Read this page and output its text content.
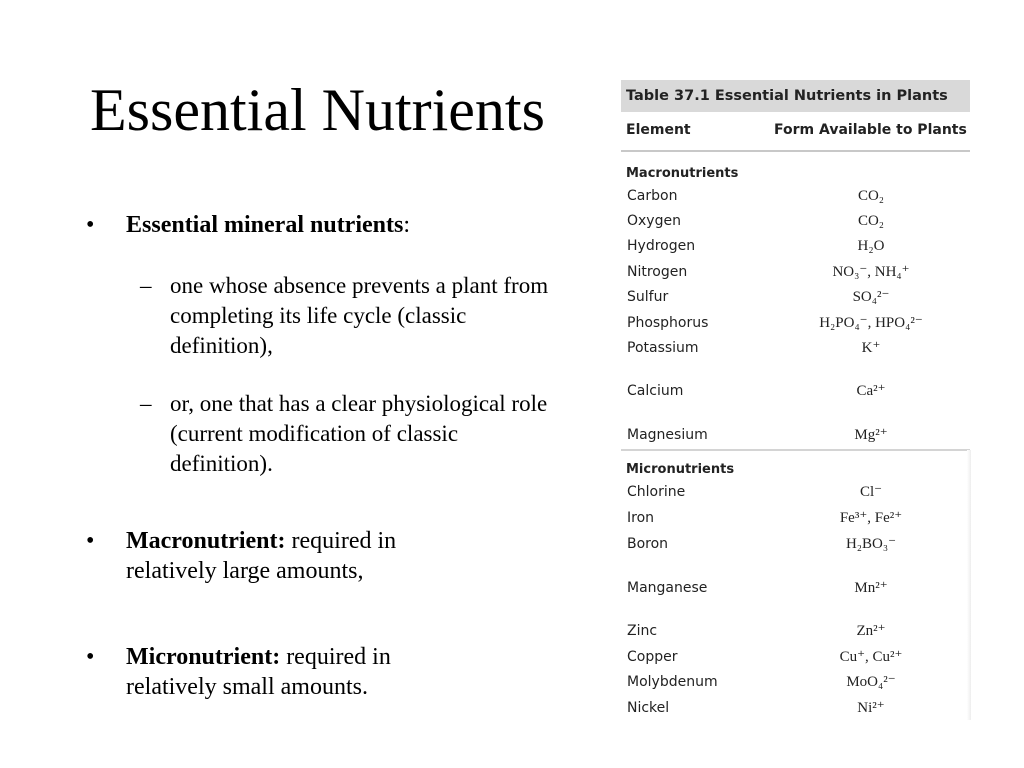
Essential Nutrients
•	Essential mineral nutrients:
– one whose absence prevents a plant from completing its life cycle (classic definition),
– or, one that has a clear physiological role (current modification of classic definition).
•	Macronutrient: required in relatively large amounts,
•	Micronutrient: required in relatively small amounts.
Table 37.1 Essential Nutrients in Plants
Element	Form Available to Plants
Macronutrients
Carbon	CO₂
Oxygen	CO₂
Hydrogen	H₂O
Nitrogen	NO₃⁻, NH₄⁺
Sulfur	SO₄²⁻
Phosphorus	H₂PO₄⁻, HPO₄²⁻
Potassium	K⁺
Calcium	Ca²⁺
Magnesium	Mg²⁺
Micronutrients
Chlorine	Cl⁻
Iron	Fe³⁺, Fe²⁺
Boron	H₂BO₃⁻
Manganese	Mn²⁺
Zinc	Zn²⁺
Copper	Cu⁺, Cu²⁺
Molybdenum	MoO₄²⁻
Nickel	Ni²⁺
